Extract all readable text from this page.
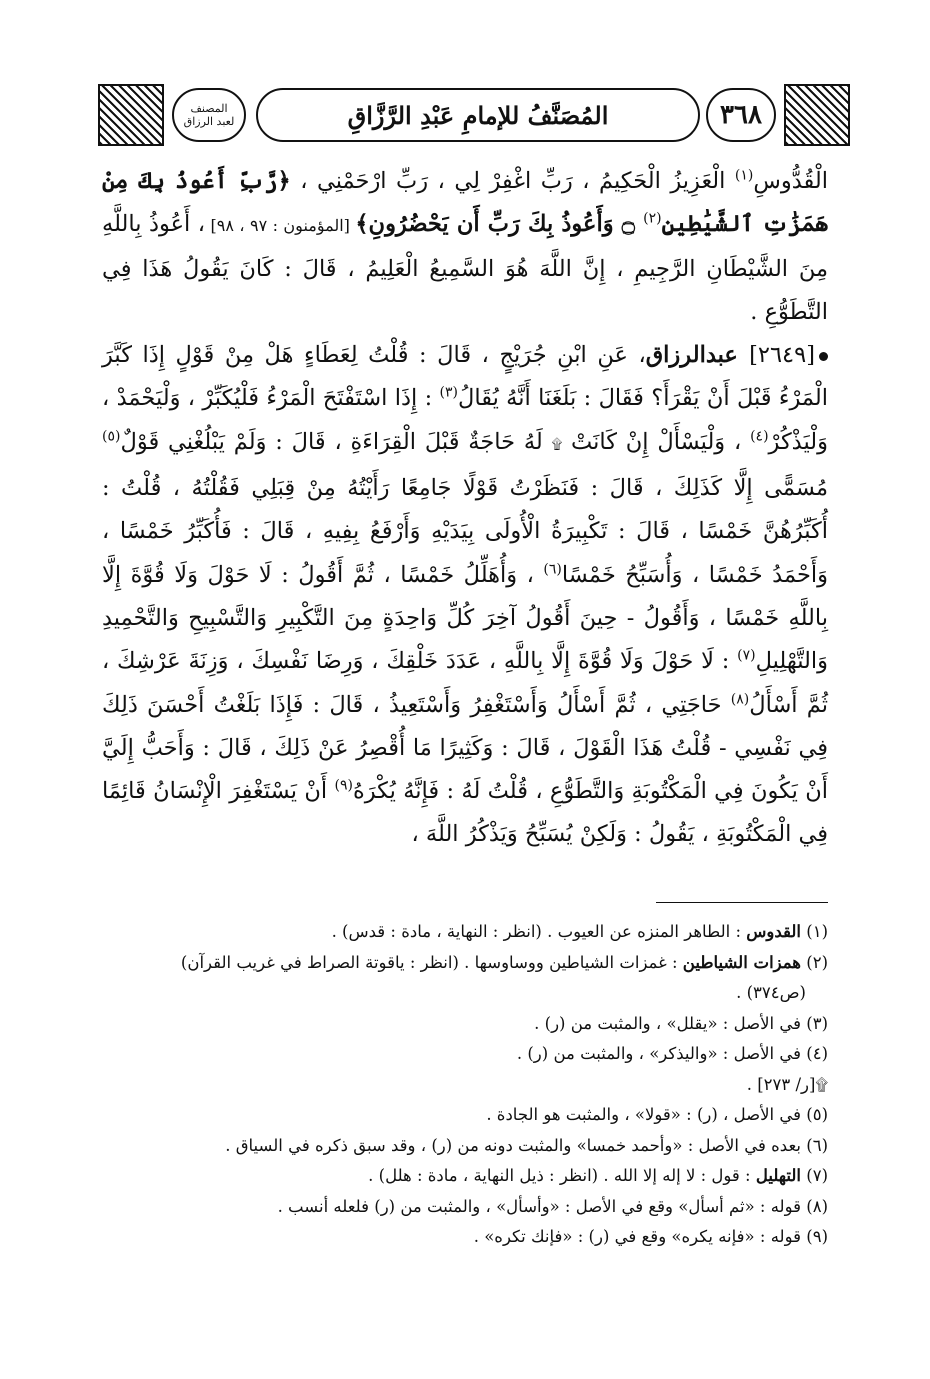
المصنف
لعبد الرزاق	المُصَنَّفُ للإمامِ عَبْدِ الرَّزَّاقِ	٣٦٨

الْقُدُّوسِ$^{(١)}$ الْعَزِيزُ الْحَكِيمُ ، رَبِّ اغْفِرْ لِي ، رَبِّ ارْحَمْنِي ، ﴿رَّبِّ أَعُوذُ بِكَ مِنْ هَمَزَٰتِ ٱلشَّيَٰطِينِ$^{(٢)}$ ۝ وَأَعُوذُ بِكَ رَبِّ أَن يَحْضُرُونِ﴾ [المؤمنون : ٩٧ ، ٩٨] ، أَعُوذُ بِاللَّهِ مِنَ الشَّيْطَانِ الرَّجِيمِ ، إِنَّ اللَّهَ هُوَ السَّمِيعُ الْعَلِيمُ ، قَالَ : كَانَ يَقُولُ هَذَا فِي التَّطَوُّعِ .

[٢٦٤٩] عبدالرزاق، عَنِ ابْنِ جُرَيْجٍ ، قَالَ : قُلْتُ لِعَطَاءٍ هَلْ مِنْ قَوْلٍ إِذَا كَبَّرَ الْمَرْءُ قَبْلَ أَنْ يَقْرَأَ؟ فَقَالَ : بَلَغَنَا أَنَّهُ يُقَالُ$^{(٣)}$ : إِذَا اسْتَفْتَحَ الْمَرْءُ فَلْيُكَبِّرْ ، وَلْيَحْمَدْ ، وَلْيَذْكُرْ$^{(٤)}$ ، وَلْيَسْأَلْ إِنْ كَانَتْ ۩ لَهُ حَاجَةٌ قَبْلَ الْقِرَاءَةِ ، قَالَ : وَلَمْ يَبْلُغْنِي قَوْلٌ$^{(٥)}$ مُسَمًّى إِلَّا كَذَلِكَ ، قَالَ : فَنَظَرْتُ قَوْلًا جَامِعًا رَأَيْتُهُ مِنْ قِبَلِي فَقُلْتُهُ ، قُلْتُ : أُكَبِّرُهُنَّ خَمْسًا ، قَالَ : تَكْبِيرَةُ الْأُولَى بِيَدَيْهِ وَأَرْفَعُ بِفِيهِ ، قَالَ : فَأُكَبِّرُ خَمْسًا ، وَأَحْمَدُ خَمْسًا ، وَأُسَبِّحُ خَمْسًا$^{(٦)}$ ، وَأُهَلِّلُ خَمْسًا ، ثُمَّ أَقُولُ : لَا حَوْلَ وَلَا قُوَّةَ إِلَّا بِاللَّهِ خَمْسًا ، وَأَقُولُ - حِينَ أَقُولُ آخِرَ كُلِّ وَاحِدَةٍ مِنَ التَّكْبِيرِ وَالتَّسْبِيحِ وَالتَّحْمِيدِ وَالتَّهْلِيلِ$^{(٧)}$ : لَا حَوْلَ وَلَا قُوَّةَ إِلَّا بِاللَّهِ ، عَدَدَ خَلْقِكَ ، وَرِضَا نَفْسِكَ ، وَزِنَةَ عَرْشِكَ ، ثُمَّ أَسْأَلُ$^{(٨)}$ حَاجَتِي ، ثُمَّ أَسْأَلُ وَأَسْتَغْفِرُ وَأَسْتَعِيذُ ، قَالَ : فَإِذَا بَلَغْتُ أَحْسَنَ ذَلِكَ فِي نَفْسِي - قُلْتُ هَذَا الْقَوْلَ ، قَالَ : وَكَثِيرًا مَا أُقْصِرُ عَنْ ذَلِكَ ، قَالَ : وَأَحَبُّ إِلَيَّ أَنْ يَكُونَ فِي الْمَكْتُوبَةِ وَالتَّطَوُّعِ ، قُلْتُ لَهُ : فَإِنَّهُ يُكْرَهُ$^{(٩)}$ أَنْ يَسْتَغْفِرَ الْإِنْسَانُ قَائِمًا فِي الْمَكْتُوبَةِ ، يَقُولُ : وَلَكِنْ يُسَبِّحُ وَيَذْكُرُ اللَّهَ ،

(١) القدوس : الطاهر المنزه عن العيوب . (انظر : النهاية ، مادة : قدس) .
(٢) همزات الشياطين : غمزات الشياطين ووساوسها . (انظر : ياقوتة الصراط في غريب القرآن)
(ص٣٧٤) .
(٣) في الأصل : «يقلل» ، والمثبت من (ر) .
(٤) في الأصل : «واليذكر» ، والمثبت من (ر) .
۩[ر/ ٢٧٣] .
(٥) في الأصل ، (ر) : «قولا» ، والمثبت هو الجادة .
(٦) بعده في الأصل : «وأحمد خمسا» والمثبت دونه من (ر) ، وقد سبق ذكره في السياق .
(٧) التهليل : قول : لا إله إلا الله . (انظر : ذيل النهاية ، مادة : هلل) .
(٨) قوله : «ثم أسأل» وقع في الأصل : «وأسأل» ، والمثبت من (ر) فلعله أنسب .
(٩) قوله : «فإنه يكره» وقع في (ر) : «فإنك تكره» .
